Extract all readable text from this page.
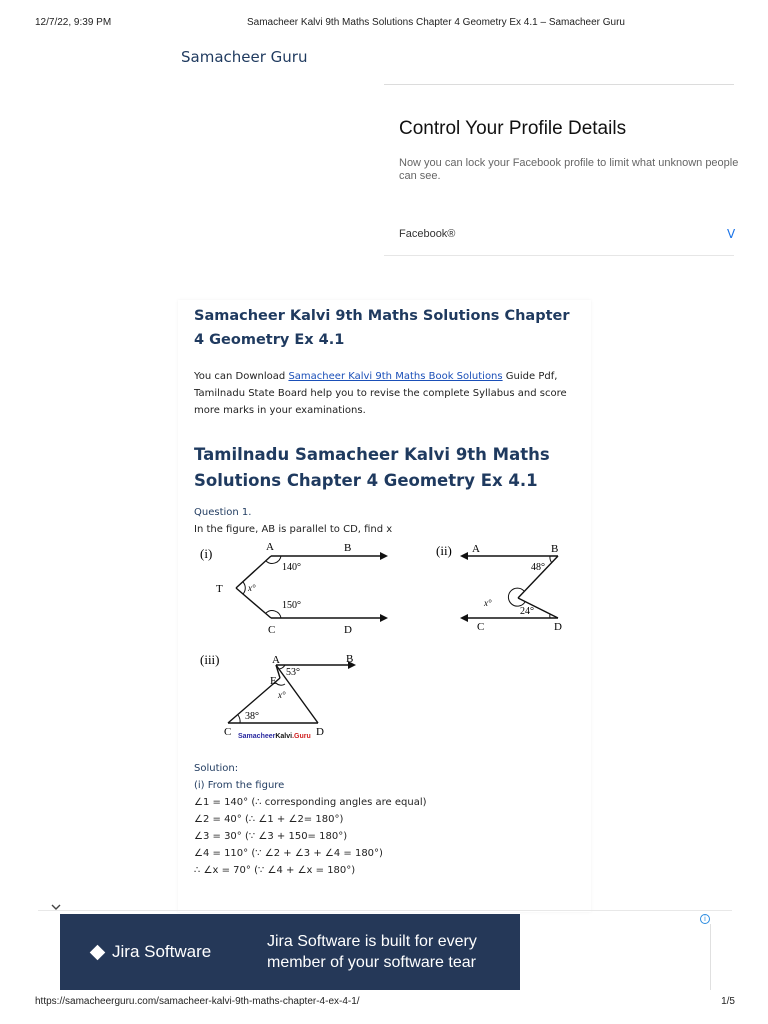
12/7/22, 9:39 PM	Samacheer Kalvi 9th Maths Solutions Chapter 4 Geometry Ex 4.1 – Samacheer Guru
Samacheer Guru
Control Your Profile Details
Now you can lock your Facebook profile to limit what unknown people can see.
Facebook®	V
Samacheer Kalvi 9th Maths Solutions Chapter 4 Geometry Ex 4.1

You can Download Samacheer Kalvi 9th Maths Book Solutions Guide Pdf, Tamilnadu State Board help you to revise the complete Syllabus and score more marks in your examinations.

Tamilnadu Samacheer Kalvi 9th Maths Solutions Chapter 4 Geometry Ex 4.1
Question 1.
In the figure, AB is parallel to CD, find x
(i)	A	B
T
C	D
140°
150°
x°
(ii) A	B
C	D
48°
24°
x°
(iii)	A	B
E
C	D
53°
38°
x°
SamacheerKalvi.Guru
Solution:
(i) From the figure
∠1 = 140° (∴ corresponding angles are equal)
∠2 = 40° (∴ ∠1 + ∠2= 180°)
∠3 = 30° (∵ ∠3 + 150= 180°)
∠4 = 110° (∵ ∠2 + ∠3 + ∠4 = 180°)
∴ ∠x = 70° (∵ ∠4 + ∠x = 180°)
Jira Software
Jira Software is built for every
member of your software tear
i
https://samacheerguru.com/samacheer-kalvi-9th-maths-chapter-4-ex-4-1/	1/5
